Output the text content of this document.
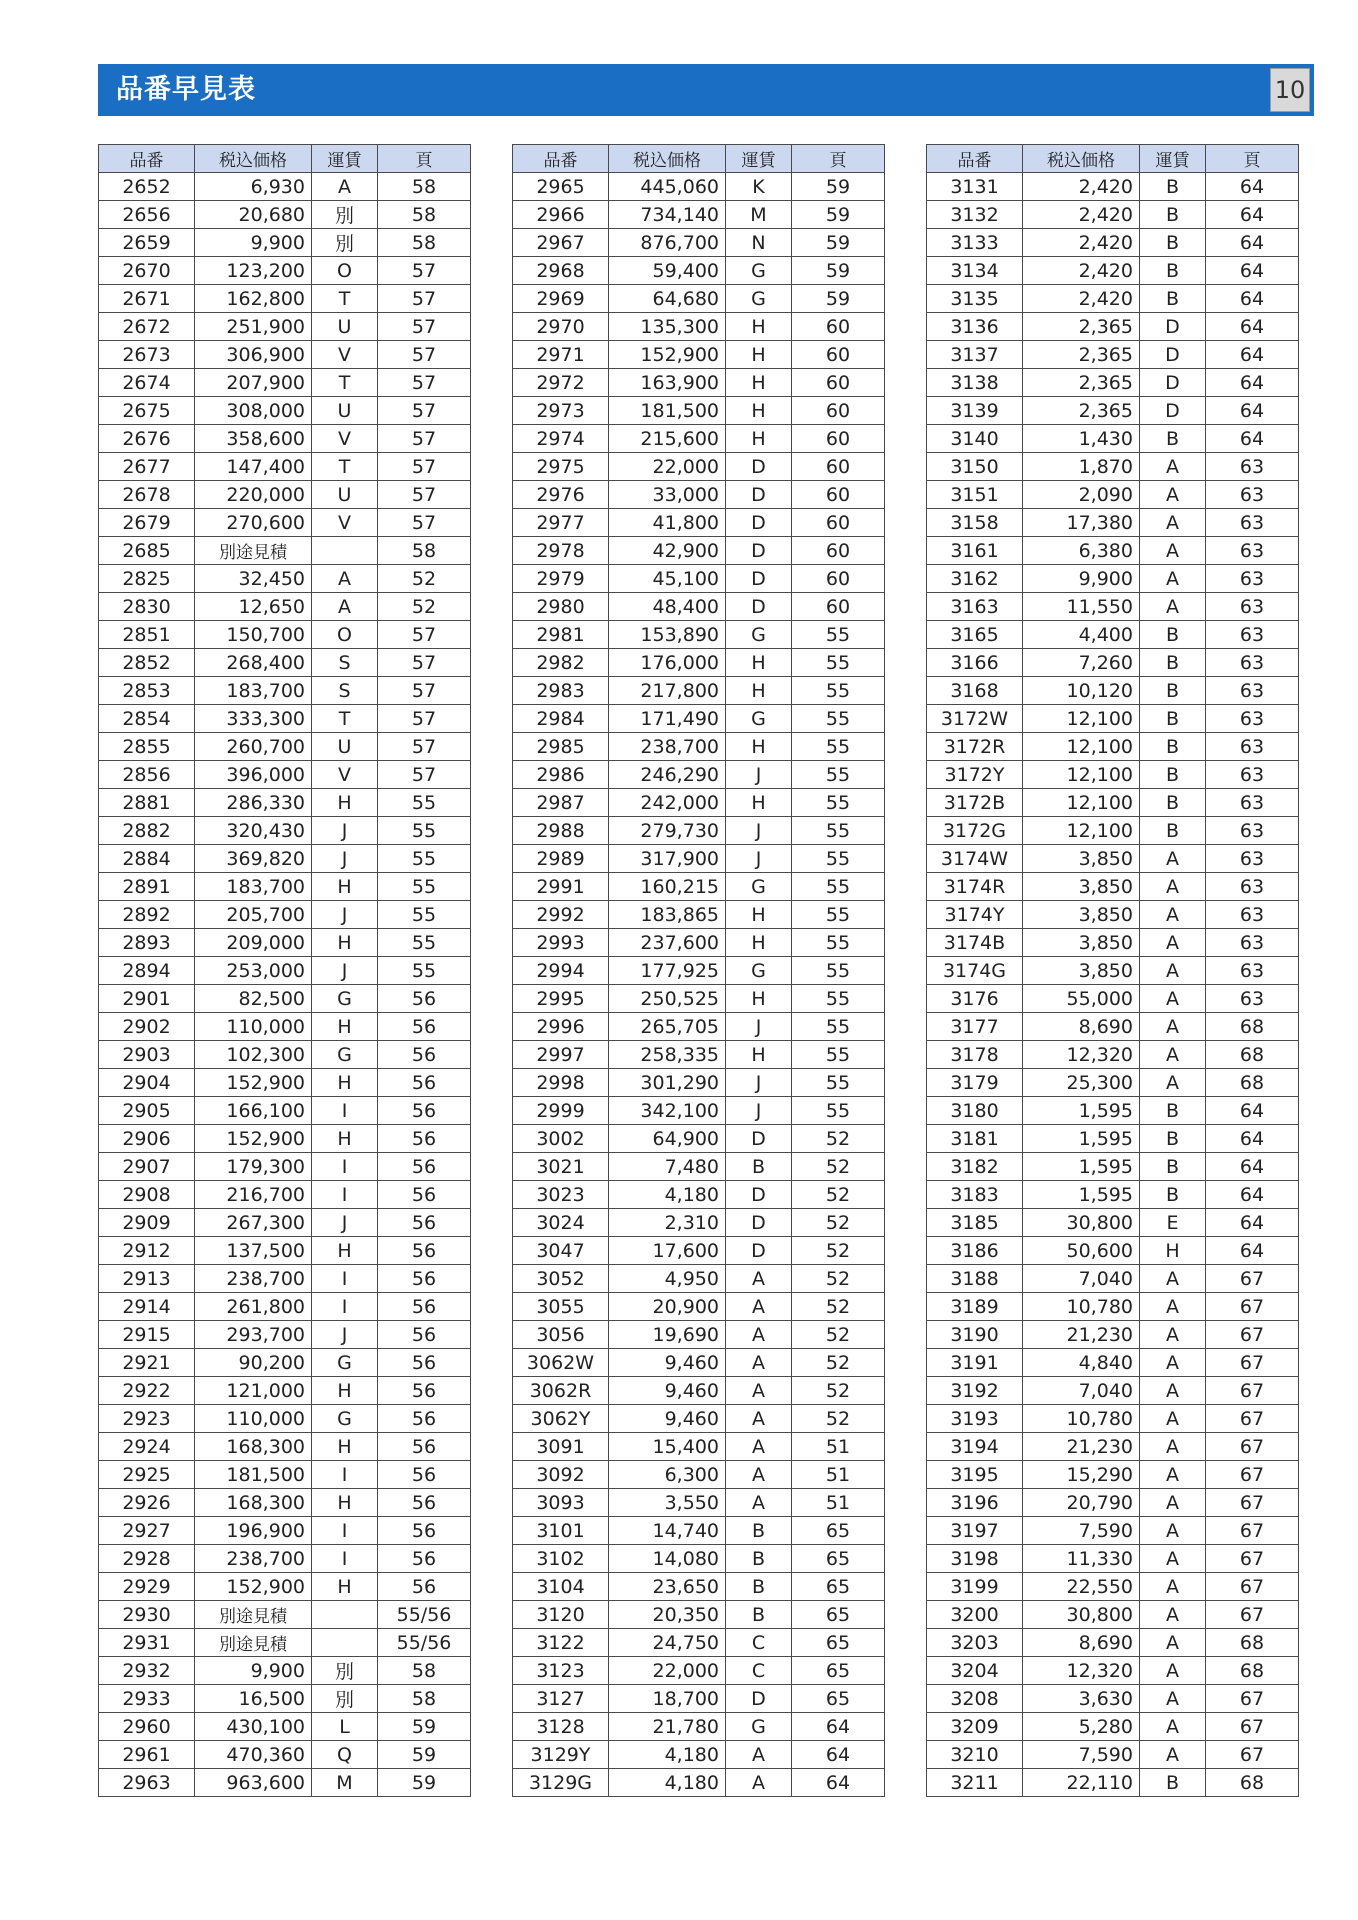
品番早見表	10
品番	税込価格	運賃	頁
2652	6,930	A	58
2656	20,680	別	58
2659	9,900	別	58
2670	123,200	O	57
2671	162,800	T	57
2672	251,900	U	57
2673	306,900	V	57
2674	207,900	T	57
2675	308,000	U	57
2676	358,600	V	57
2677	147,400	T	57
2678	220,000	U	57
2679	270,600	V	57
2685	別途見積		58
2825	32,450	A	52
2830	12,650	A	52
2851	150,700	O	57
2852	268,400	S	57
2853	183,700	S	57
2854	333,300	T	57
2855	260,700	U	57
2856	396,000	V	57
2881	286,330	H	55
2882	320,430	J	55
2884	369,820	J	55
2891	183,700	H	55
2892	205,700	J	55
2893	209,000	H	55
2894	253,000	J	55
2901	82,500	G	56
2902	110,000	H	56
2903	102,300	G	56
2904	152,900	H	56
2905	166,100	I	56
2906	152,900	H	56
2907	179,300	I	56
2908	216,700	I	56
2909	267,300	J	56
2912	137,500	H	56
2913	238,700	I	56
2914	261,800	I	56
2915	293,700	J	56
2921	90,200	G	56
2922	121,000	H	56
2923	110,000	G	56
2924	168,300	H	56
2925	181,500	I	56
2926	168,300	H	56
2927	196,900	I	56
2928	238,700	I	56
2929	152,900	H	56
2930	別途見積		55/56
2931	別途見積		55/56
2932	9,900	別	58
2933	16,500	別	58
2960	430,100	L	59
2961	470,360	Q	59
2963	963,600	M	59
品番	税込価格	運賃	頁
2965	445,060	K	59
2966	734,140	M	59
2967	876,700	N	59
2968	59,400	G	59
2969	64,680	G	59
2970	135,300	H	60
2971	152,900	H	60
2972	163,900	H	60
2973	181,500	H	60
2974	215,600	H	60
2975	22,000	D	60
2976	33,000	D	60
2977	41,800	D	60
2978	42,900	D	60
2979	45,100	D	60
2980	48,400	D	60
2981	153,890	G	55
2982	176,000	H	55
2983	217,800	H	55
2984	171,490	G	55
2985	238,700	H	55
2986	246,290	J	55
2987	242,000	H	55
2988	279,730	J	55
2989	317,900	J	55
2991	160,215	G	55
2992	183,865	H	55
2993	237,600	H	55
2994	177,925	G	55
2995	250,525	H	55
2996	265,705	J	55
2997	258,335	H	55
2998	301,290	J	55
2999	342,100	J	55
3002	64,900	D	52
3021	7,480	B	52
3023	4,180	D	52
3024	2,310	D	52
3047	17,600	D	52
3052	4,950	A	52
3055	20,900	A	52
3056	19,690	A	52
3062W	9,460	A	52
3062R	9,460	A	52
3062Y	9,460	A	52
3091	15,400	A	51
3092	6,300	A	51
3093	3,550	A	51
3101	14,740	B	65
3102	14,080	B	65
3104	23,650	B	65
3120	20,350	B	65
3122	24,750	C	65
3123	22,000	C	65
3127	18,700	D	65
3128	21,780	G	64
3129Y	4,180	A	64
3129G	4,180	A	64
品番	税込価格	運賃	頁
3131	2,420	B	64
3132	2,420	B	64
3133	2,420	B	64
3134	2,420	B	64
3135	2,420	B	64
3136	2,365	D	64
3137	2,365	D	64
3138	2,365	D	64
3139	2,365	D	64
3140	1,430	B	64
3150	1,870	A	63
3151	2,090	A	63
3158	17,380	A	63
3161	6,380	A	63
3162	9,900	A	63
3163	11,550	A	63
3165	4,400	B	63
3166	7,260	B	63
3168	10,120	B	63
3172W	12,100	B	63
3172R	12,100	B	63
3172Y	12,100	B	63
3172B	12,100	B	63
3172G	12,100	B	63
3174W	3,850	A	63
3174R	3,850	A	63
3174Y	3,850	A	63
3174B	3,850	A	63
3174G	3,850	A	63
3176	55,000	A	63
3177	8,690	A	68
3178	12,320	A	68
3179	25,300	A	68
3180	1,595	B	64
3181	1,595	B	64
3182	1,595	B	64
3183	1,595	B	64
3185	30,800	E	64
3186	50,600	H	64
3188	7,040	A	67
3189	10,780	A	67
3190	21,230	A	67
3191	4,840	A	67
3192	7,040	A	67
3193	10,780	A	67
3194	21,230	A	67
3195	15,290	A	67
3196	20,790	A	67
3197	7,590	A	67
3198	11,330	A	67
3199	22,550	A	67
3200	30,800	A	67
3203	8,690	A	68
3204	12,320	A	68
3208	3,630	A	67
3209	5,280	A	67
3210	7,590	A	67
3211	22,110	B	68
